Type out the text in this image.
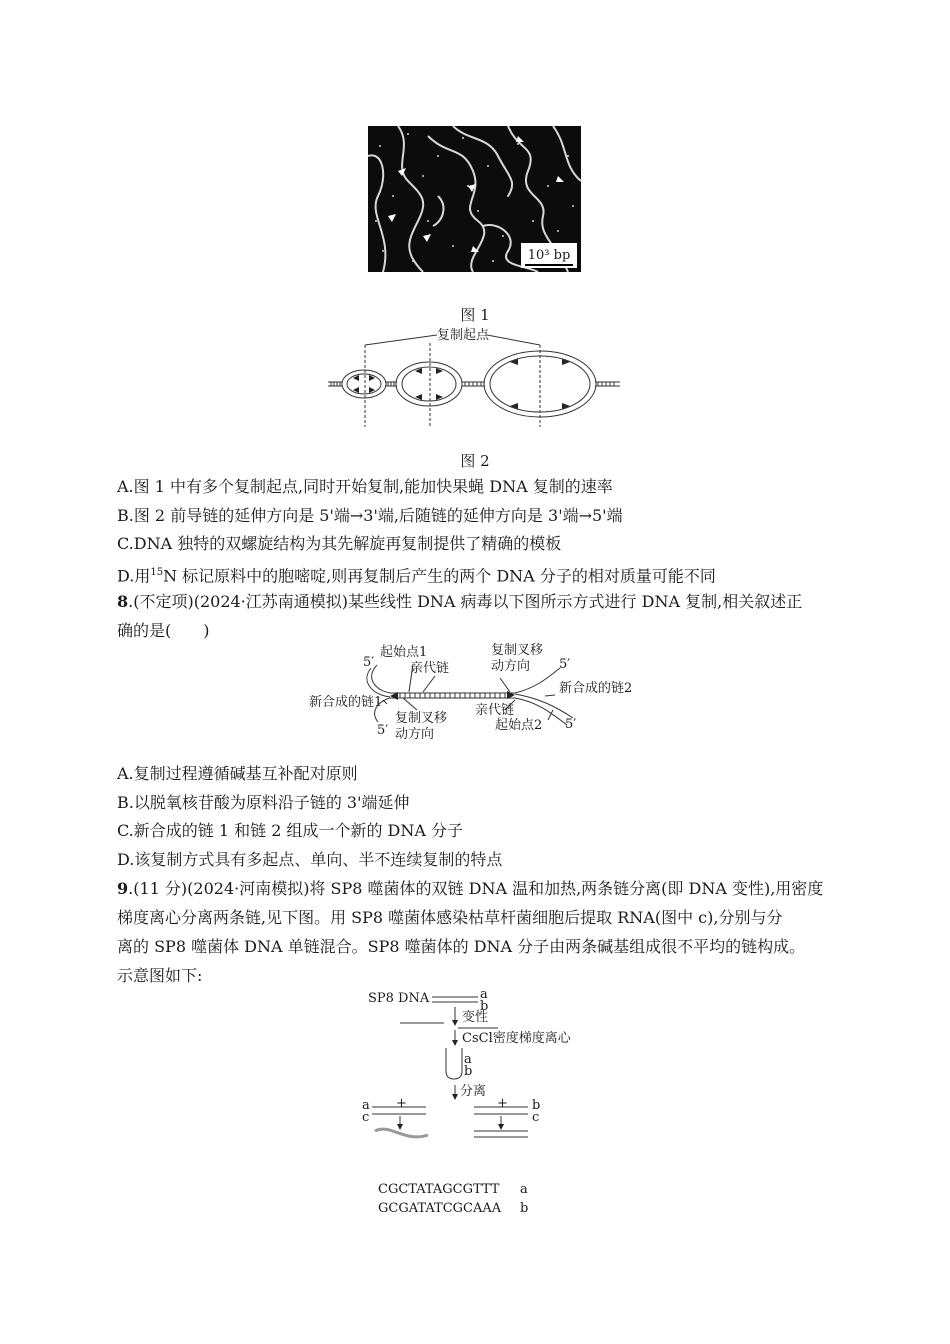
10³ bp
图 1
复制起点
图 2
A.图 1 中有多个复制起点,同时开始复制,能加快果蝇 DNA 复制的速率
B.图 2 前导链的延伸方向是 5'端→3'端,后随链的延伸方向是 3'端→5'端
C.DNA 独特的双螺旋结构为其先解旋再复制提供了精确的模板
D.用$^{15}$N 标记原料中的胞嘧啶,则再复制后产生的两个 DNA 分子的相对质量可能不同
8.(不定项)(2024·江苏南通模拟)某些线性 DNA 病毒以下图所示方式进行 DNA 复制,相关叙述正
确的是(　　)
起始点1
亲代链
复制叉移
动方向
5′	5′
新合成的链2
新合成的链1
复制叉移
动方向
5′
亲代链
起始点2 5′
A.复制过程遵循碱基互补配对原则
B.以脱氧核苷酸为原料沿子链的 3'端延伸
C.新合成的链 1 和链 2 组成一个新的 DNA 分子
D.该复制方式具有多起点、单向、半不连续复制的特点
9.(11 分)(2024·河南模拟)将 SP8 噬菌体的双链 DNA 温和加热,两条链分离(即 DNA 变性),用密度
梯度离心分离两条链,见下图。用 SP8 噬菌体感染枯草杆菌细胞后提取 RNA(图中 c),分别与分
离的 SP8 噬菌体 DNA 单链混合。SP8 噬菌体的 DNA 分子由两条碱基组成很不平均的链构成。
示意图如下:
SP8 DNA	a
b
变性
CsCl密度梯度离心
a
b
分离
a
c
+	+ b
c
CGCTATAGCGTTT a
GCGATATCGCAAA b
